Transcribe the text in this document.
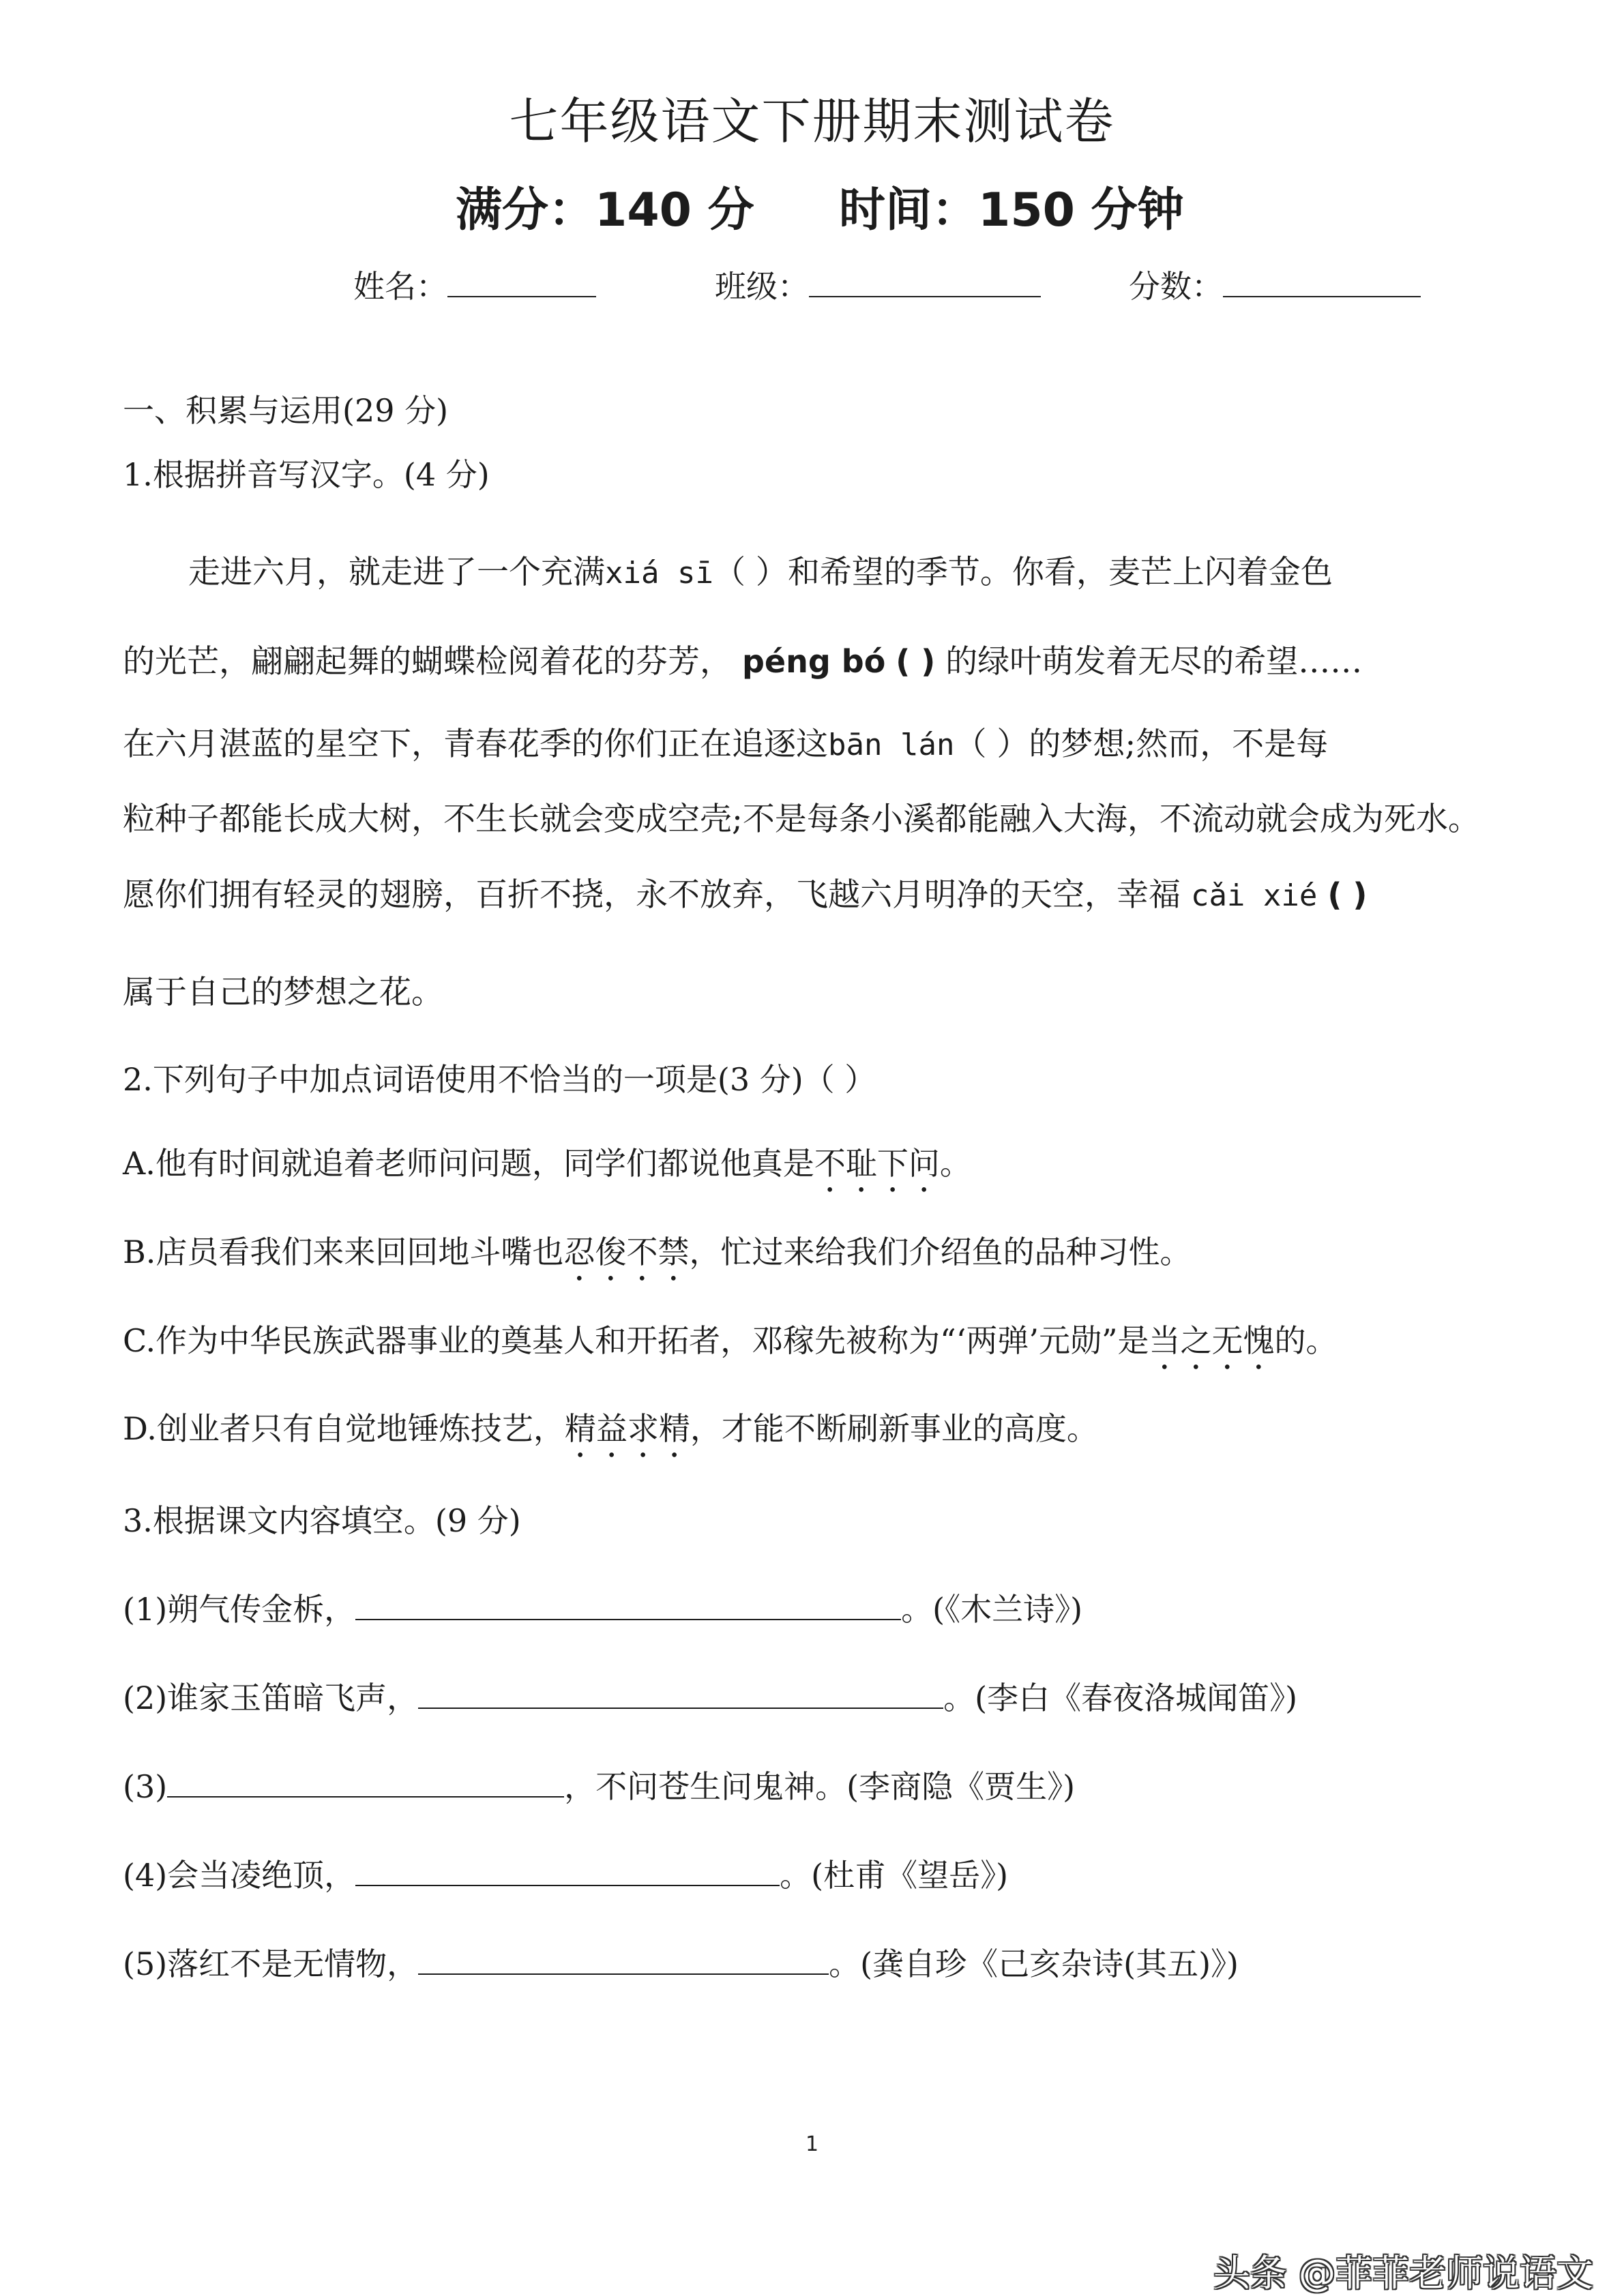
七年级语文下册期末测试卷
满分：140 分 时间：150 分钟
姓名：	班级：	分数：
一、积累与运用(29 分)
1.根据拼音写汉字。(4 分)
走进六月，就走进了一个充满xiá sī（ ）和希望的季节。你看，麦芒上闪着金色
的光芒，翩翩起舞的蝴蝶检阅着花的芬芳， péng bó ( ) 的绿叶萌发着无尽的希望……
在六月湛蓝的星空下，青春花季的你们正在追逐这bān lán（ ）的梦想;然而，不是每
粒种子都能长成大树，不生长就会变成空壳;不是每条小溪都能融入大海，不流动就会成为死水。
愿你们拥有轻灵的翅膀，百折不挠，永不放弃，飞越六月明净的天空，幸福 cǎi xié ( )
属于自己的梦想之花。
2.下列句子中加点词语使用不恰当的一项是(3 分)（ ）
A.他有时间就追着老师问问题，同学们都说他真是不耻下问。
B.店员看我们来来回回地斗嘴也忍俊不禁，忙过来给我们介绍鱼的品种习性。
C.作为中华民族武器事业的奠基人和开拓者，邓稼先被称为“‘两弹’元勋”是当之无愧的。
D.创业者只有自觉地锤炼技艺，精益求精，才能不断刷新事业的高度。
3.根据课文内容填空。(9 分)
(1)朔气传金柝，	。(《木兰诗》)
(2)谁家玉笛暗飞声，	。(李白《春夜洛城闻笛》)
(3)	，不问苍生问鬼神。(李商隐《贾生》)
(4)会当凌绝顶，	。(杜甫《望岳》)
(5)落红不是无情物，	。(龚自珍《己亥杂诗(其五)》)
1
头条 @菲菲老师说语文
